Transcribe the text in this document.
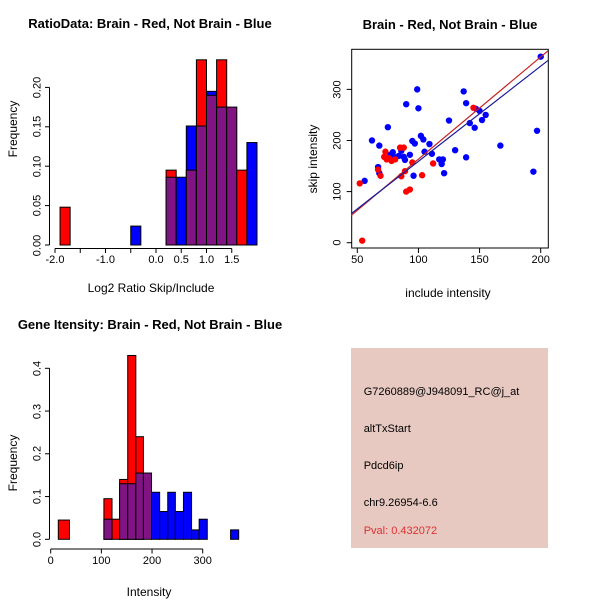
RatioData: Brain - Red, Not Brain - Blue	Brain - Red, Not Brain - Blue
Gene Itensity: Brain - Red, Not Brain - Blue
Log2 Ratio Skip/Include	include intensity
Intensity
Frequency	skip intensity
Frequency
G7260889@J948091_RC@j_at
altTxStart
Pdcd6ip
chr9.26954-6.6
Pval: 0.432072
-2.0	-1.0	0.0 0.5 1.0 1.5
0.00
0.05
0.10
0.15
0.20
50	100	150	200
0
100
200
300
0	100	200	300
0.0
0.1
0.2
0.3
0.4
